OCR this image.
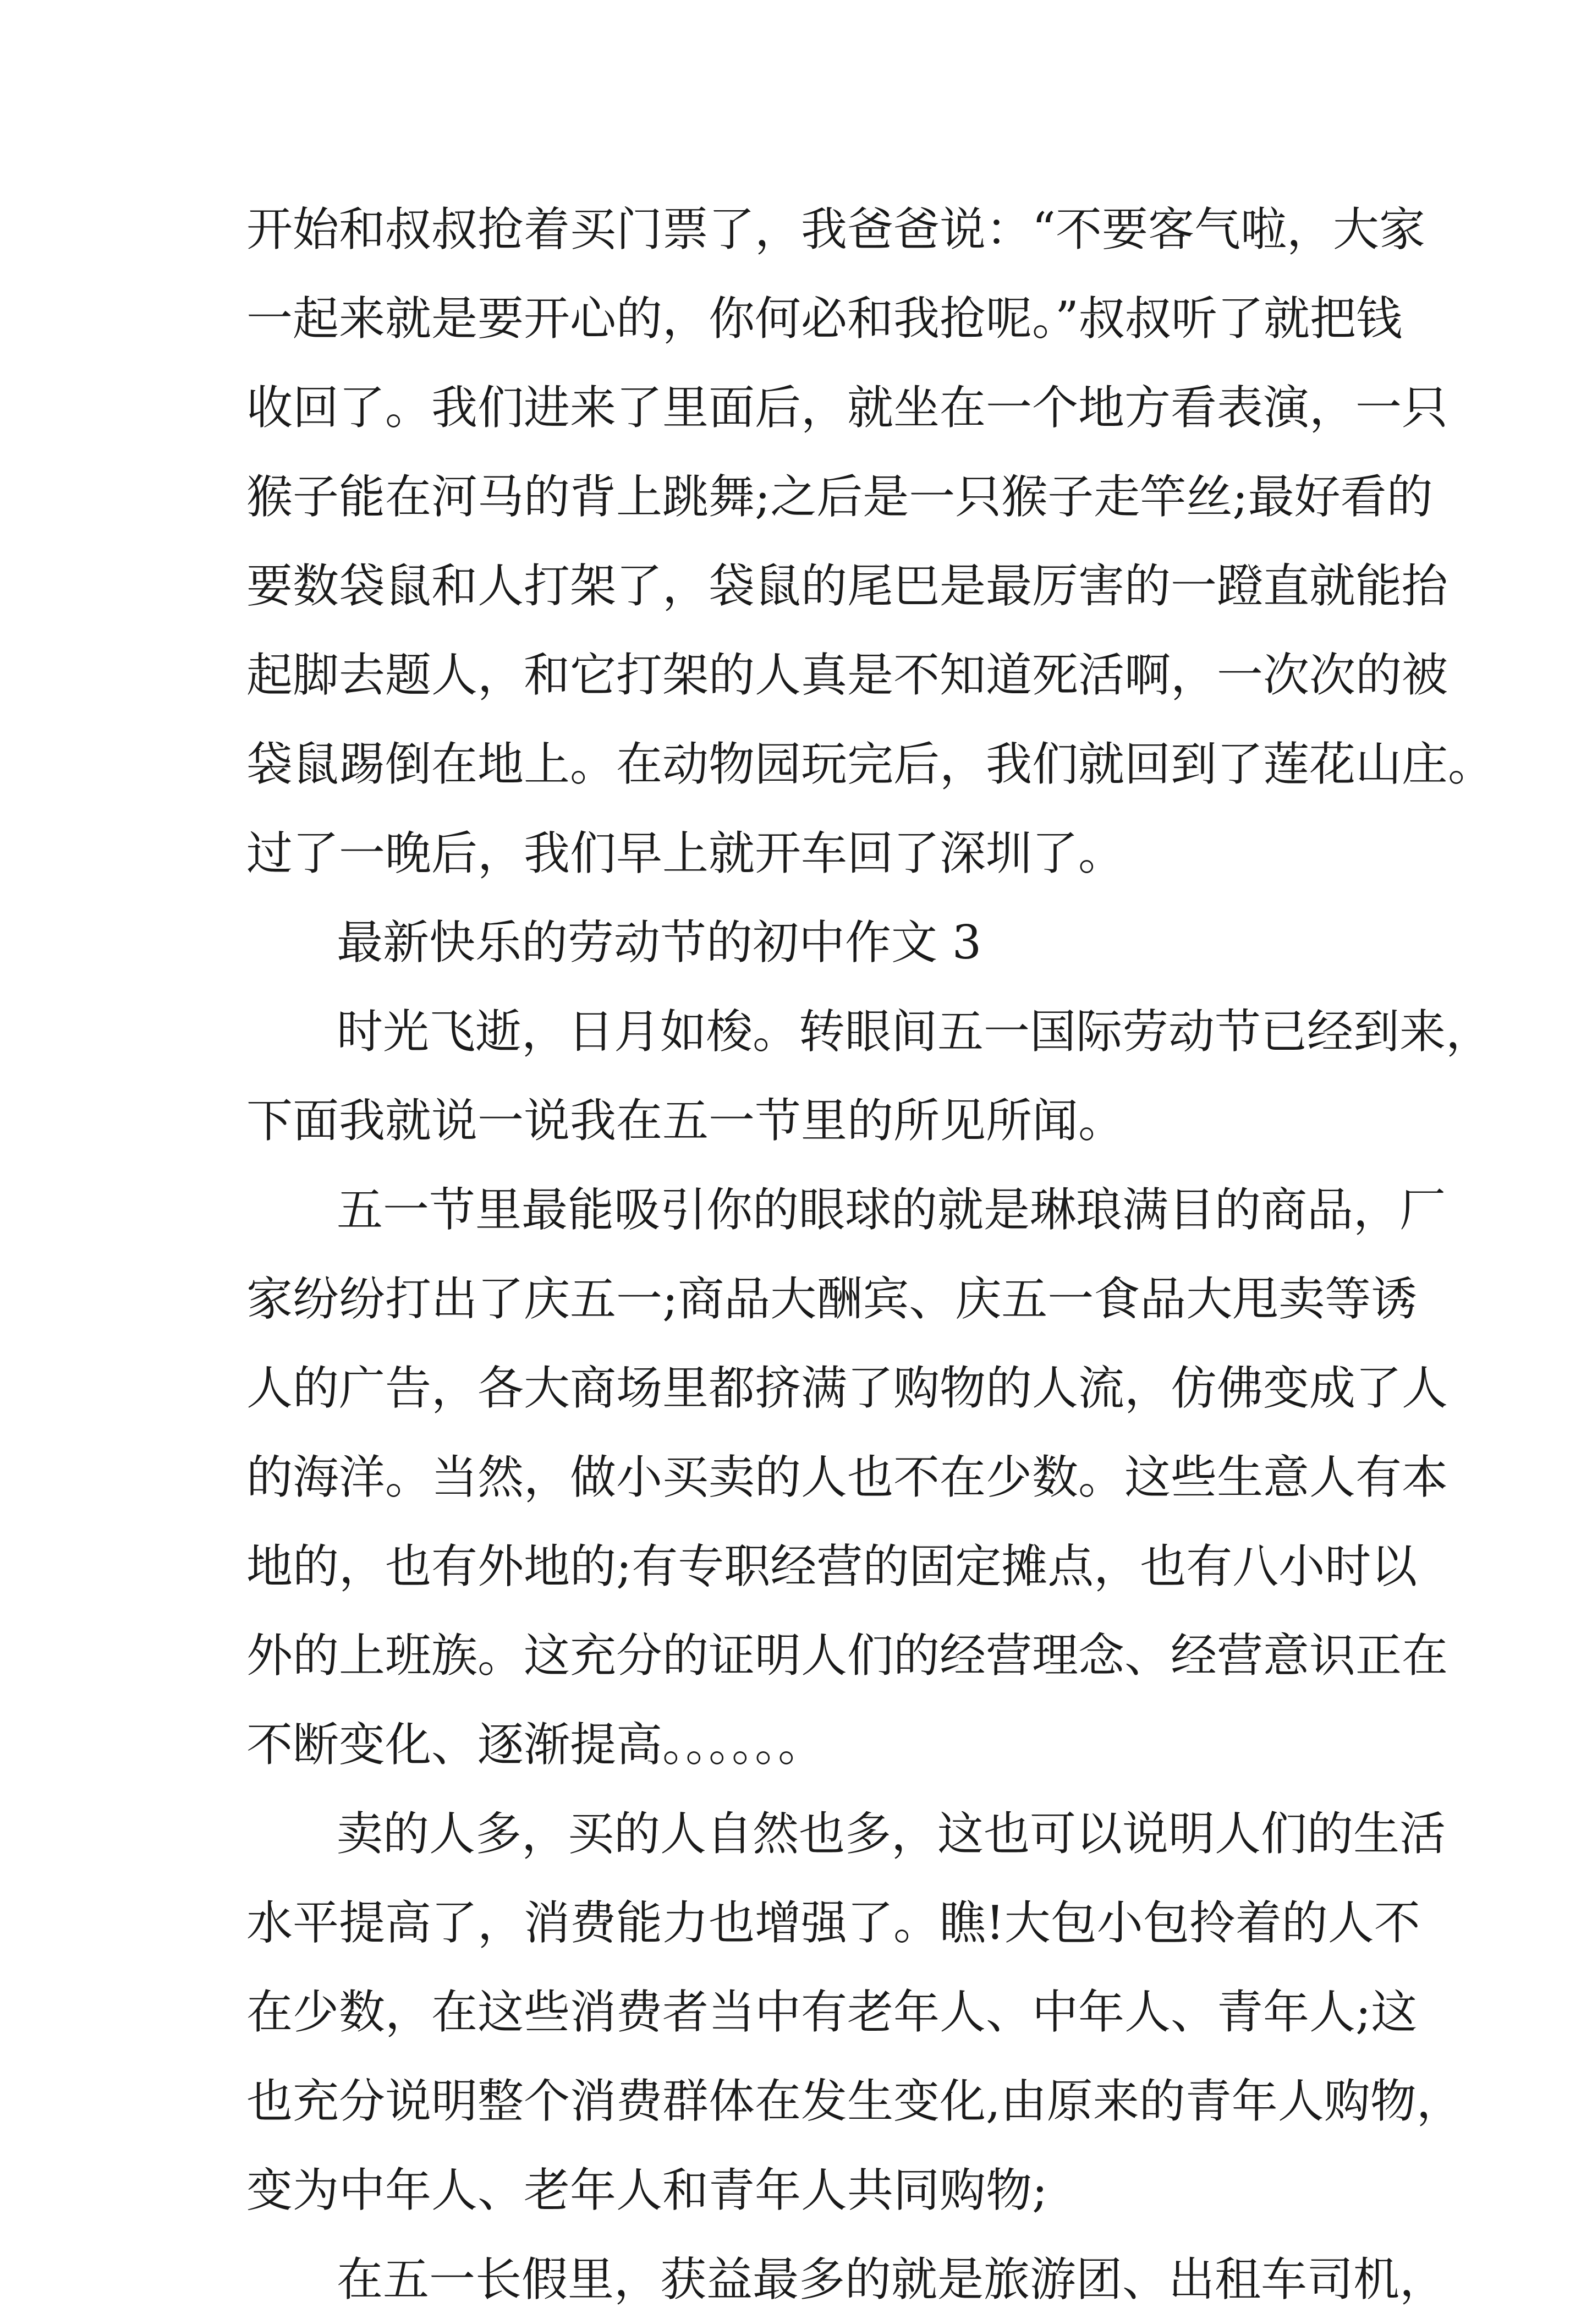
开始和叔叔抢着买门票了，我爸爸说：“不要客气啦，大家
一起来就是要开心的，你何必和我抢呢。”叔叔听了就把钱
收回了。我们进来了里面后，就坐在一个地方看表演，一只
猴子能在河马的背上跳舞;之后是一只猴子走竿丝;最好看的
要数袋鼠和人打架了，袋鼠的尾巴是最厉害的一蹬直就能抬
起脚去题人，和它打架的人真是不知道死活啊，一次次的被
袋鼠踢倒在地上。在动物园玩完后，我们就回到了莲花山庄。
过了一晚后，我们早上就开车回了深圳了。
最新快乐的劳动节的初中作文 3
时光飞逝，日月如梭。转眼间五一国际劳动节已经到来，
下面我就说一说我在五一节里的所见所闻。
五一节里最能吸引你的眼球的就是琳琅满目的商品，厂
家纷纷打出了庆五一;商品大酬宾、庆五一食品大甩卖等诱
人的广告，各大商场里都挤满了购物的人流，仿佛变成了人
的海洋。当然，做小买卖的人也不在少数。这些生意人有本
地的，也有外地的;有专职经营的固定摊点，也有八小时以
外的上班族。这充分的证明人们的经营理念、经营意识正在
不断变化、逐渐提高。。。。。。
卖的人多，买的人自然也多，这也可以说明人们的生活
水平提高了，消费能力也增强了。瞧!大包小包拎着的人不
在少数，在这些消费者当中有老年人、中年人、青年人;这
也充分说明整个消费群体在发生变化,由原来的青年人购物，
变为中年人、老年人和青年人共同购物;
在五一长假里，获益最多的就是旅游团、出租车司机，
